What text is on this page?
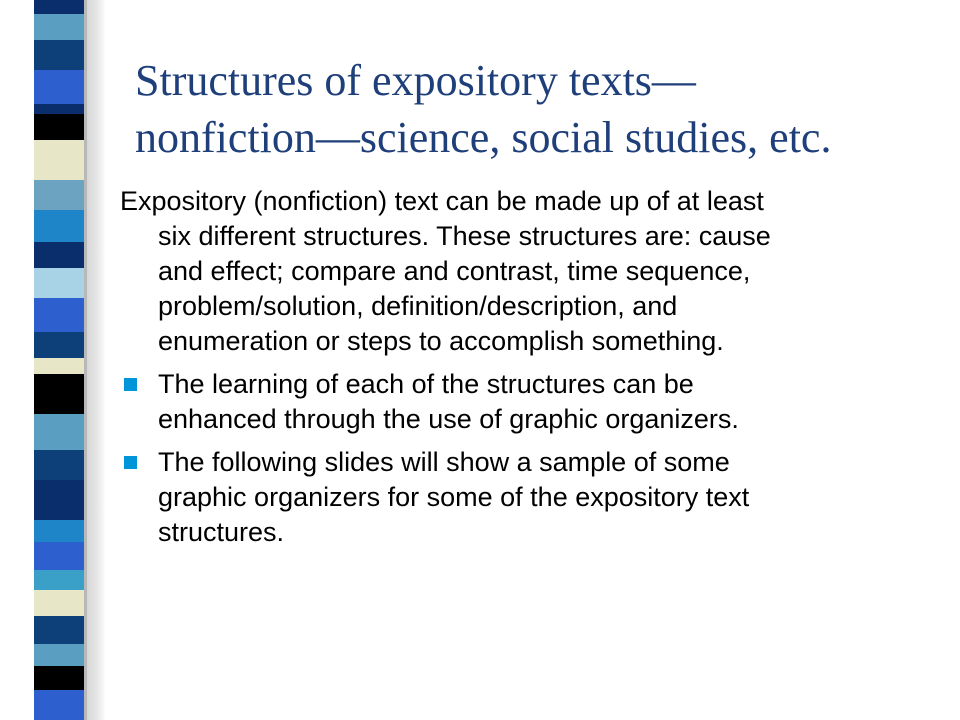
Structures of expository texts—
nonfiction—science, social studies, etc.

Expository (nonfiction) text can be made up of at least
six different structures. These structures are: cause
and effect; compare and contrast, time sequence,
problem/solution, definition/description, and
enumeration or steps to accomplish something.

The learning of each of the structures can be
enhanced through the use of graphic organizers.
The following slides will show a sample of some
graphic organizers for some of the expository text
structures.
